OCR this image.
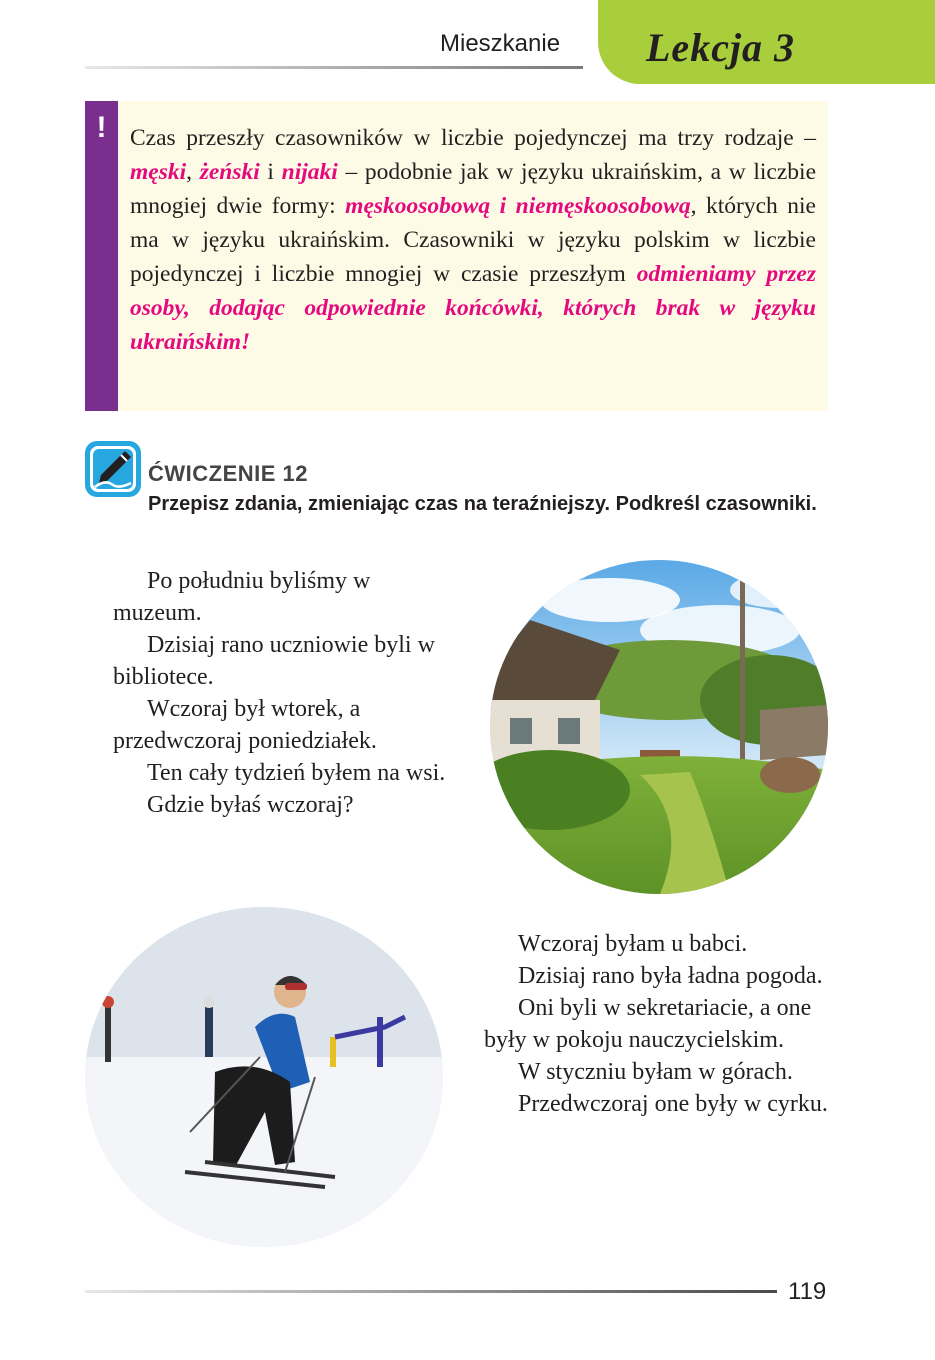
Mieszkanie Lekcja 3
!	Czas przeszły czasowników w liczbie pojedynczej ma trzy rodzaje – męski, żeński i nijaki – podobnie jak w języku ukraińskim, a w liczbie mnogiej dwie formy: męskoosobową i niemęskoosobową, których nie ma w języku ukraińskim. Czasowniki w języku polskim w liczbie pojedynczej i liczbie mnogiej w czasie przeszłym odmieniamy przez osoby, dodając odpowiednie końcówki, których brak w języku ukraińskim!

ĆWICZENIE 12

Przepisz zdania, zmieniając czas na teraźniejszy. Podkreśl czasowniki.

Po południu byliśmy w muzeum.

Dzisiaj rano uczniowie byli w bibliotece.

Wczoraj był wtorek, a przedwczoraj poniedziałek.

Ten cały tydzień byłem na wsi.

Gdzie byłaś wczoraj?

Wczoraj byłam u babci.

Dzisiaj rano była ładna pogoda.

Oni byli w sekretariacie, a one były w pokoju nauczycielskim.

W styczniu byłam w górach.

Przedwczoraj one były w cyrku.

119
